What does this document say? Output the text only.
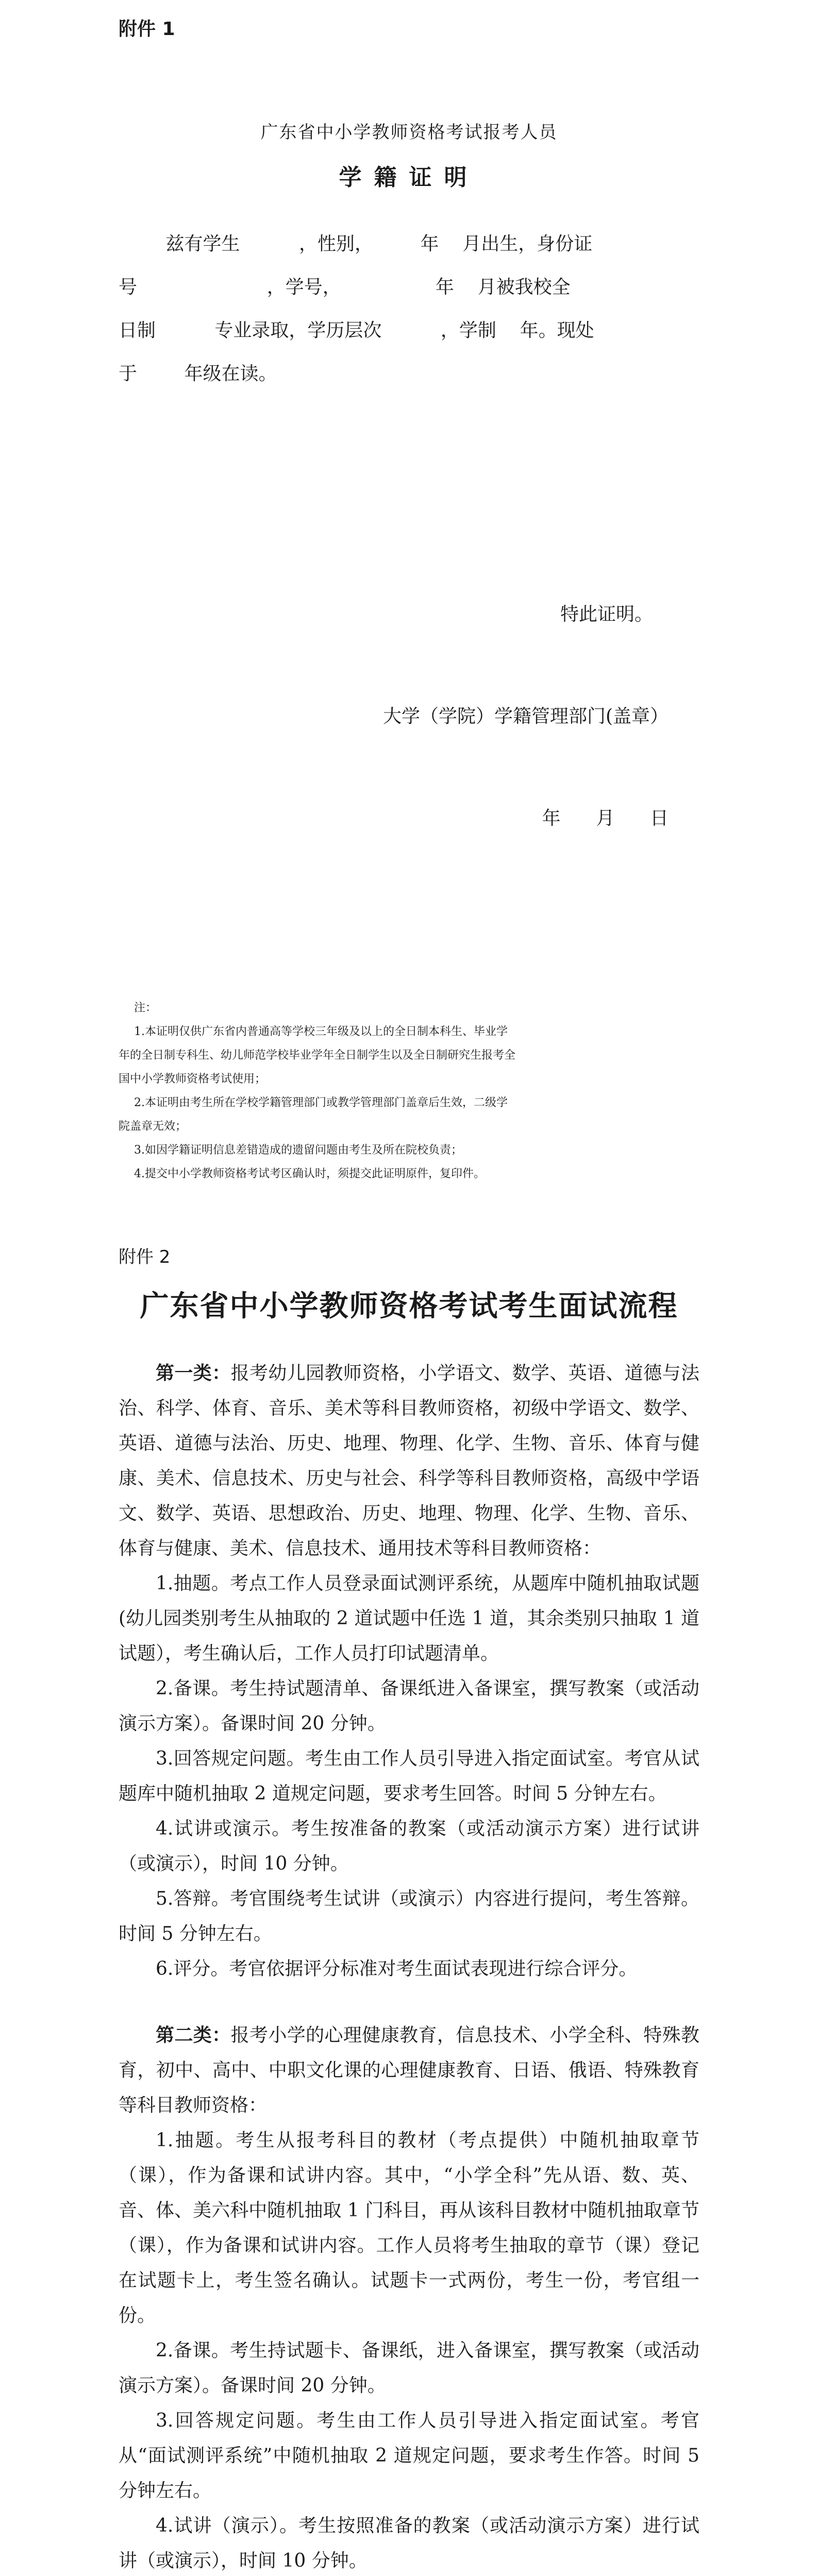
附件 1
广东省中小学教师资格考试报考人员
学籍证明
兹有学生          ，性别，        年    月出生，身份证
号                      ，学号，                年    月被我校全
日制          专业录取，学历层次          ，学制    年。现处
于        年级在读。

特此证明。

大学（学院）学籍管理部门(盖章）

年      月      日

注：
1.本证明仅供广东省内普通高等学校三年级及以上的全日制本科生、毕业学
年的全日制专科生、幼儿师范学校毕业学年全日制学生以及全日制研究生报考全
国中小学教师资格考试使用；
2.本证明由考生所在学校学籍管理部门或教学管理部门盖章后生效，二级学
院盖章无效；
3.如因学籍证明信息差错造成的遗留问题由考生及所在院校负责；
4.提交中小学教师资格考试考区确认时，须提交此证明原件，复印件。
附件 2
广东省中小学教师资格考试考生面试流程

第一类：报考幼儿园教师资格，小学语文、数学、英语、道德与法治、科学、体育、音乐、美术等科目教师资格，初级中学语文、数学、英语、道德与法治、历史、地理、物理、化学、生物、音乐、体育与健康、美术、信息技术、历史与社会、科学等科目教师资格，高级中学语文、数学、英语、思想政治、历史、地理、物理、化学、生物、音乐、体育与健康、美术、信息技术、通用技术等科目教师资格：

1.抽题。考点工作人员登录面试测评系统，从题库中随机抽取试题(幼儿园类别考生从抽取的 2 道试题中任选 1 道，其余类别只抽取 1 道试题），考生确认后，工作人员打印试题清单。

2.备课。考生持试题清单、备课纸进入备课室，撰写教案（或活动演示方案）。备课时间 20 分钟。

3.回答规定问题。考生由工作人员引导进入指定面试室。考官从试题库中随机抽取 2 道规定问题，要求考生回答。时间 5 分钟左右。

4.试讲或演示。考生按准备的教案（或活动演示方案）进行试讲（或演示），时间 10 分钟。

5.答辩。考官围绕考生试讲（或演示）内容进行提问，考生答辩。时间 5 分钟左右。

6.评分。考官依据评分标准对考生面试表现进行综合评分。

第二类：报考小学的心理健康教育，信息技术、小学全科、特殊教育，初中、高中、中职文化课的心理健康教育、日语、俄语、特殊教育等科目教师资格：

1.抽题。考生从报考科目的教材（考点提供）中随机抽取章节（课），作为备课和试讲内容。其中，“小学全科”先从语、数、英、音、体、美六科中随机抽取 1 门科目，再从该科目教材中随机抽取章节（课），作为备课和试讲内容。工作人员将考生抽取的章节（课）登记在试题卡上，考生签名确认。试题卡一式两份，考生一份，考官组一份。

2.备课。考生持试题卡、备课纸，进入备课室，撰写教案（或活动演示方案）。备课时间 20 分钟。

3.回答规定问题。考生由工作人员引导进入指定面试室。考官从“面试测评系统”中随机抽取 2 道规定问题，要求考生作答。时间 5 分钟左右。

4.试讲（演示）。考生按照准备的教案（或活动演示方案）进行试讲（或演示），时间 10 分钟。
